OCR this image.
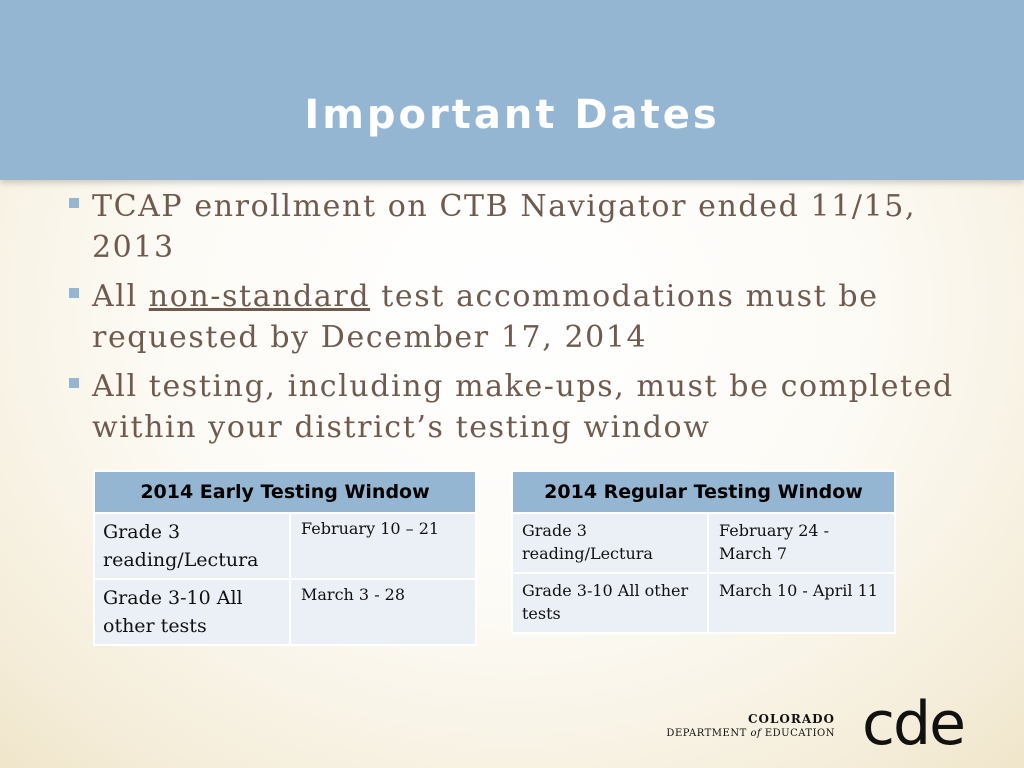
Important Dates
TCAP enrollment on CTB Navigator ended 11/15, 2013
All non-standard test accommodations must be requested by December 17, 2014
All testing, including make-ups, must be completed within your district’s testing window
2014 Early Testing Window	
Grade 3 reading/Lectura	February 10 – 21
Grade 3-10 All other tests	March 3 - 28
2014 Regular Testing Window	
Grade 3 reading/Lectura	February 24 - March 7
Grade 3-10 All other tests	March 10 - April 11
COLORADO
DEPARTMENT of EDUCATION cde
